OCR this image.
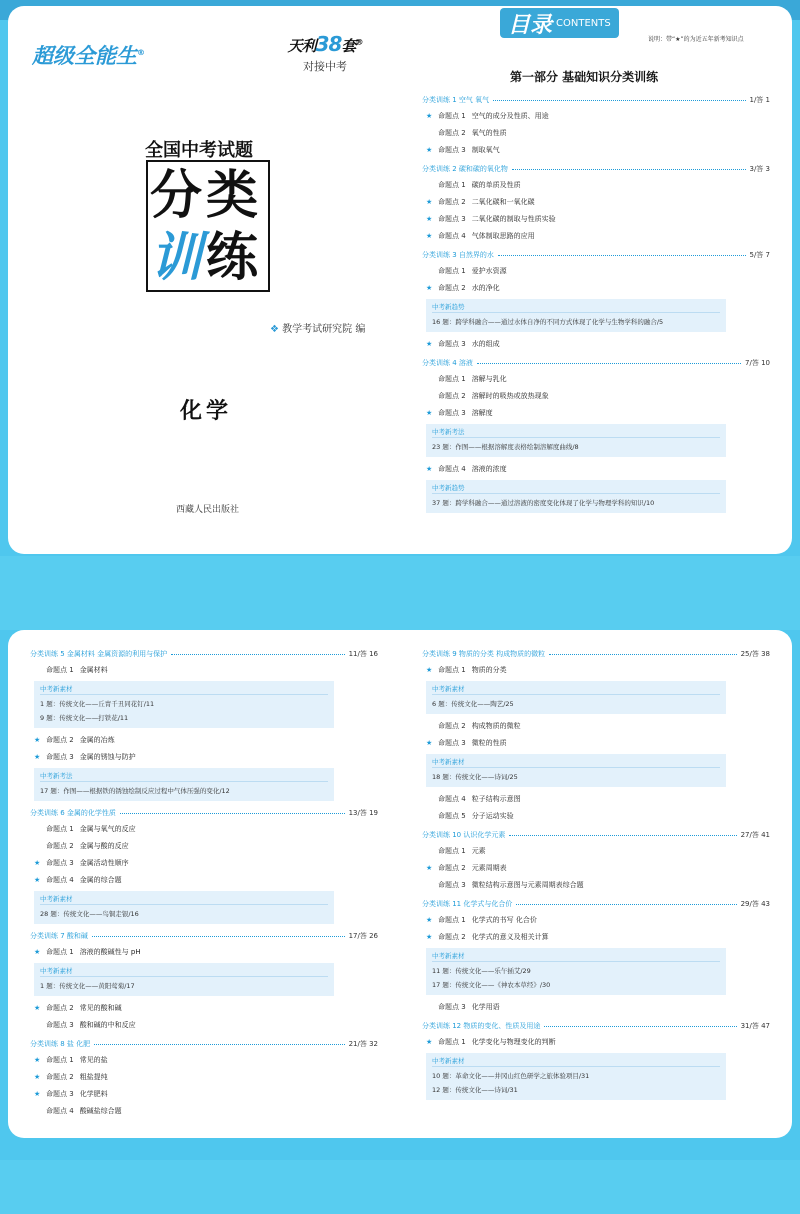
超级全能生®	天利38套®
对接中考
全国中考试题
分类
训练
❖ 教学考试研究院 编
化学
西藏人民出版社
目录 CONTENTS
说明：带“★”的为近五年新考知识点
第一部分 基础知识分类训练
分类训练 1 空气 氧气	1/答 1
★ 命题点 1 空气的成分及性质、用途
命题点 2 氧气的性质
★ 命题点 3 制取氧气
分类训练 2 碳和碳的氧化物	3/答 3
命题点 1 碳的单质及性质
★ 命题点 2 二氧化碳和一氧化碳
★ 命题点 3 二氧化碳的制取与性质实验
★ 命题点 4 气体制取思路的应用
分类训练 3 自然界的水	5/答 7
命题点 1 爱护水资源
★ 命题点 2 水的净化
中考新趋势
16 题：跨学科融合——通过水体自净的不同方式体现了化学与生物学科的融合/5
★ 命题点 3 水的组成
分类训练 4 溶液	7/答 10
命题点 1 溶解与乳化
命题点 2 溶解时的吸热或放热现象
★ 命题点 3 溶解度
中考新考法
23 题：作图——根据溶解度表格绘制溶解度曲线/8
★ 命题点 4 溶液的浓度
中考新趋势
37 题：跨学科融合——通过溶液的密度变化体现了化学与物理学科的知识/10
分类训练 5 金属材料 金属资源的利用与保护	11/答 16
命题点 1 金属材料
中考新素材
1 题：传统文化——丘胄千丑同花钉/11
9 题：传统文化——打铁花/11
★ 命题点 2 金属的冶炼
★ 命题点 3 金属的锈蚀与防护
中考新考法
17 题：作图——根据铁的锈蚀绘制反应过程中气体压强的变化/12
分类训练 6 金属的化学性质	13/答 19
命题点 1 金属与氧气的反应
命题点 2 金属与酸的反应
★ 命题点 3 金属活动性顺序
★ 命题点 4 金属的综合题
中考新素材
28 题：传统文化——鸟铜走银/16
分类训练 7 酸和碱	17/答 26
★ 命题点 1 溶液的酸碱性与 pH
中考新素材
1 题：传统文化——黄阳莺菊/17
★ 命题点 2 常见的酸和碱
命题点 3 酸和碱的中和反应
分类训练 8 盐 化肥	21/答 32
★ 命题点 1 常见的盐
★ 命题点 2 粗盐提纯
★ 命题点 3 化学肥料
命题点 4 酸碱盐综合题
分类训练 9 物质的分类 构成物质的微粒	25/答 38
★ 命题点 1 物质的分类
中考新素材
6 题：传统文化——陶艺/25
命题点 2 构成物质的微粒
★ 命题点 3 微粒的性质
中考新素材
18 题：传统文化——诗词/25
命题点 4 粒子结构示意图
命题点 5 分子运动实验
分类训练 10 认识化学元素	27/答 41
命题点 1 元素
★ 命题点 2 元素周期表
命题点 3 微粒结构示意图与元素周期表综合题
分类训练 11 化学式与化合价	29/答 43
★ 命题点 1 化学式的书写 化合价
★ 命题点 2 化学式的意义及相关计算
中考新素材
11 题：传统文化——乐午插艾/29
17 题：传统文化——《神农本草经》/30
命题点 3 化学用语
分类训练 12 物质的变化、性质及用途	31/答 47
★ 命题点 1 化学变化与物理变化的判断
中考新素材
10 题：革命文化——井冈山红色研学之旅体验项目/31
12 题：传统文化——诗词/31
